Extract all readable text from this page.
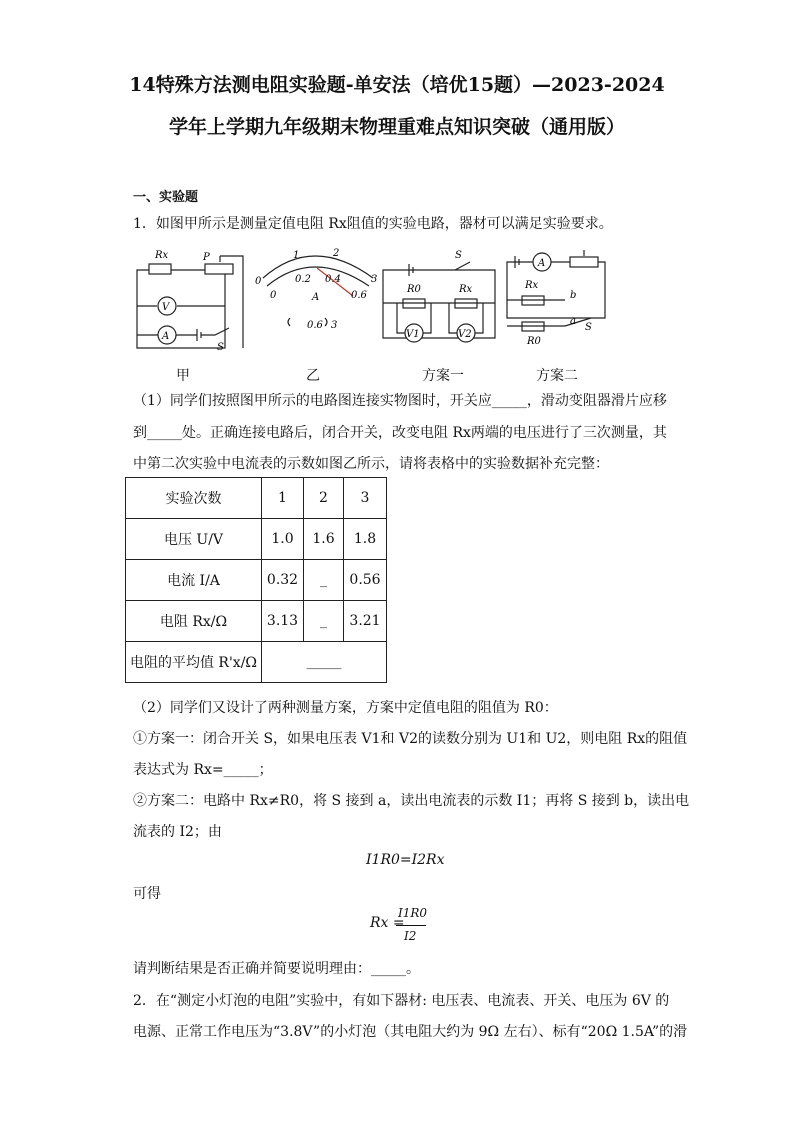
14特殊方法测电阻实验题-单安法（培优15题）—2023-2024
学年上学期九年级期末物理重难点知识突破（通用版）
一、实验题
1．如图甲所示是测量定值电阻 Rx阻值的实验电路，器材可以满足实验要求。
Rx	P
V
A
S
1	2
0	0.2 0.4	3
0	0.6
A
0.6 3
S
R0	Rx
V1	V2
A
Rx
b
a
S
R0
甲	乙	方案一	方案二
（1）同学们按照图甲所示的电路图连接实物图时，开关应_____，滑动变阻器滑片应移
到_____处。正确连接电路后，闭合开关，改变电阻 Rx两端的电压进行了三次测量，其
中第二次实验中电流表的示数如图乙所示，请将表格中的实验数据补充完整：
实验次数	1	2	3
电压 U/V	1.0	1.6	1.8
电流 I/A	0.32	_	0.56
电阻 Rx/Ω	3.13	_	3.21
电阻的平均值 R'x/Ω	_____		
（2）同学们又设计了两种测量方案，方案中定值电阻的阻值为 R0：
①方案一：闭合开关 S，如果电压表 V1和 V2的读数分别为 U1和 U2，则电阻 Rx的阻值
表达式为 Rx=_____；
②方案二：电路中 Rx≠R0，将 S 接到 a，读出电流表的示数 I1；再将 S 接到 b，读出电
流表的 I2；由
I1R0=I2Rx
可得
Rx =
I1R0
I2
请判断结果是否正确并简要说明理由：_____。
2．在“测定小灯泡的电阻”实验中，有如下器材: 电压表、电流表、开关、电压为 6V 的
电源、正常工作电压为“3.8V”的小灯泡（其电阻大约为 9Ω 左右）、标有“20Ω 1.5A”的滑
